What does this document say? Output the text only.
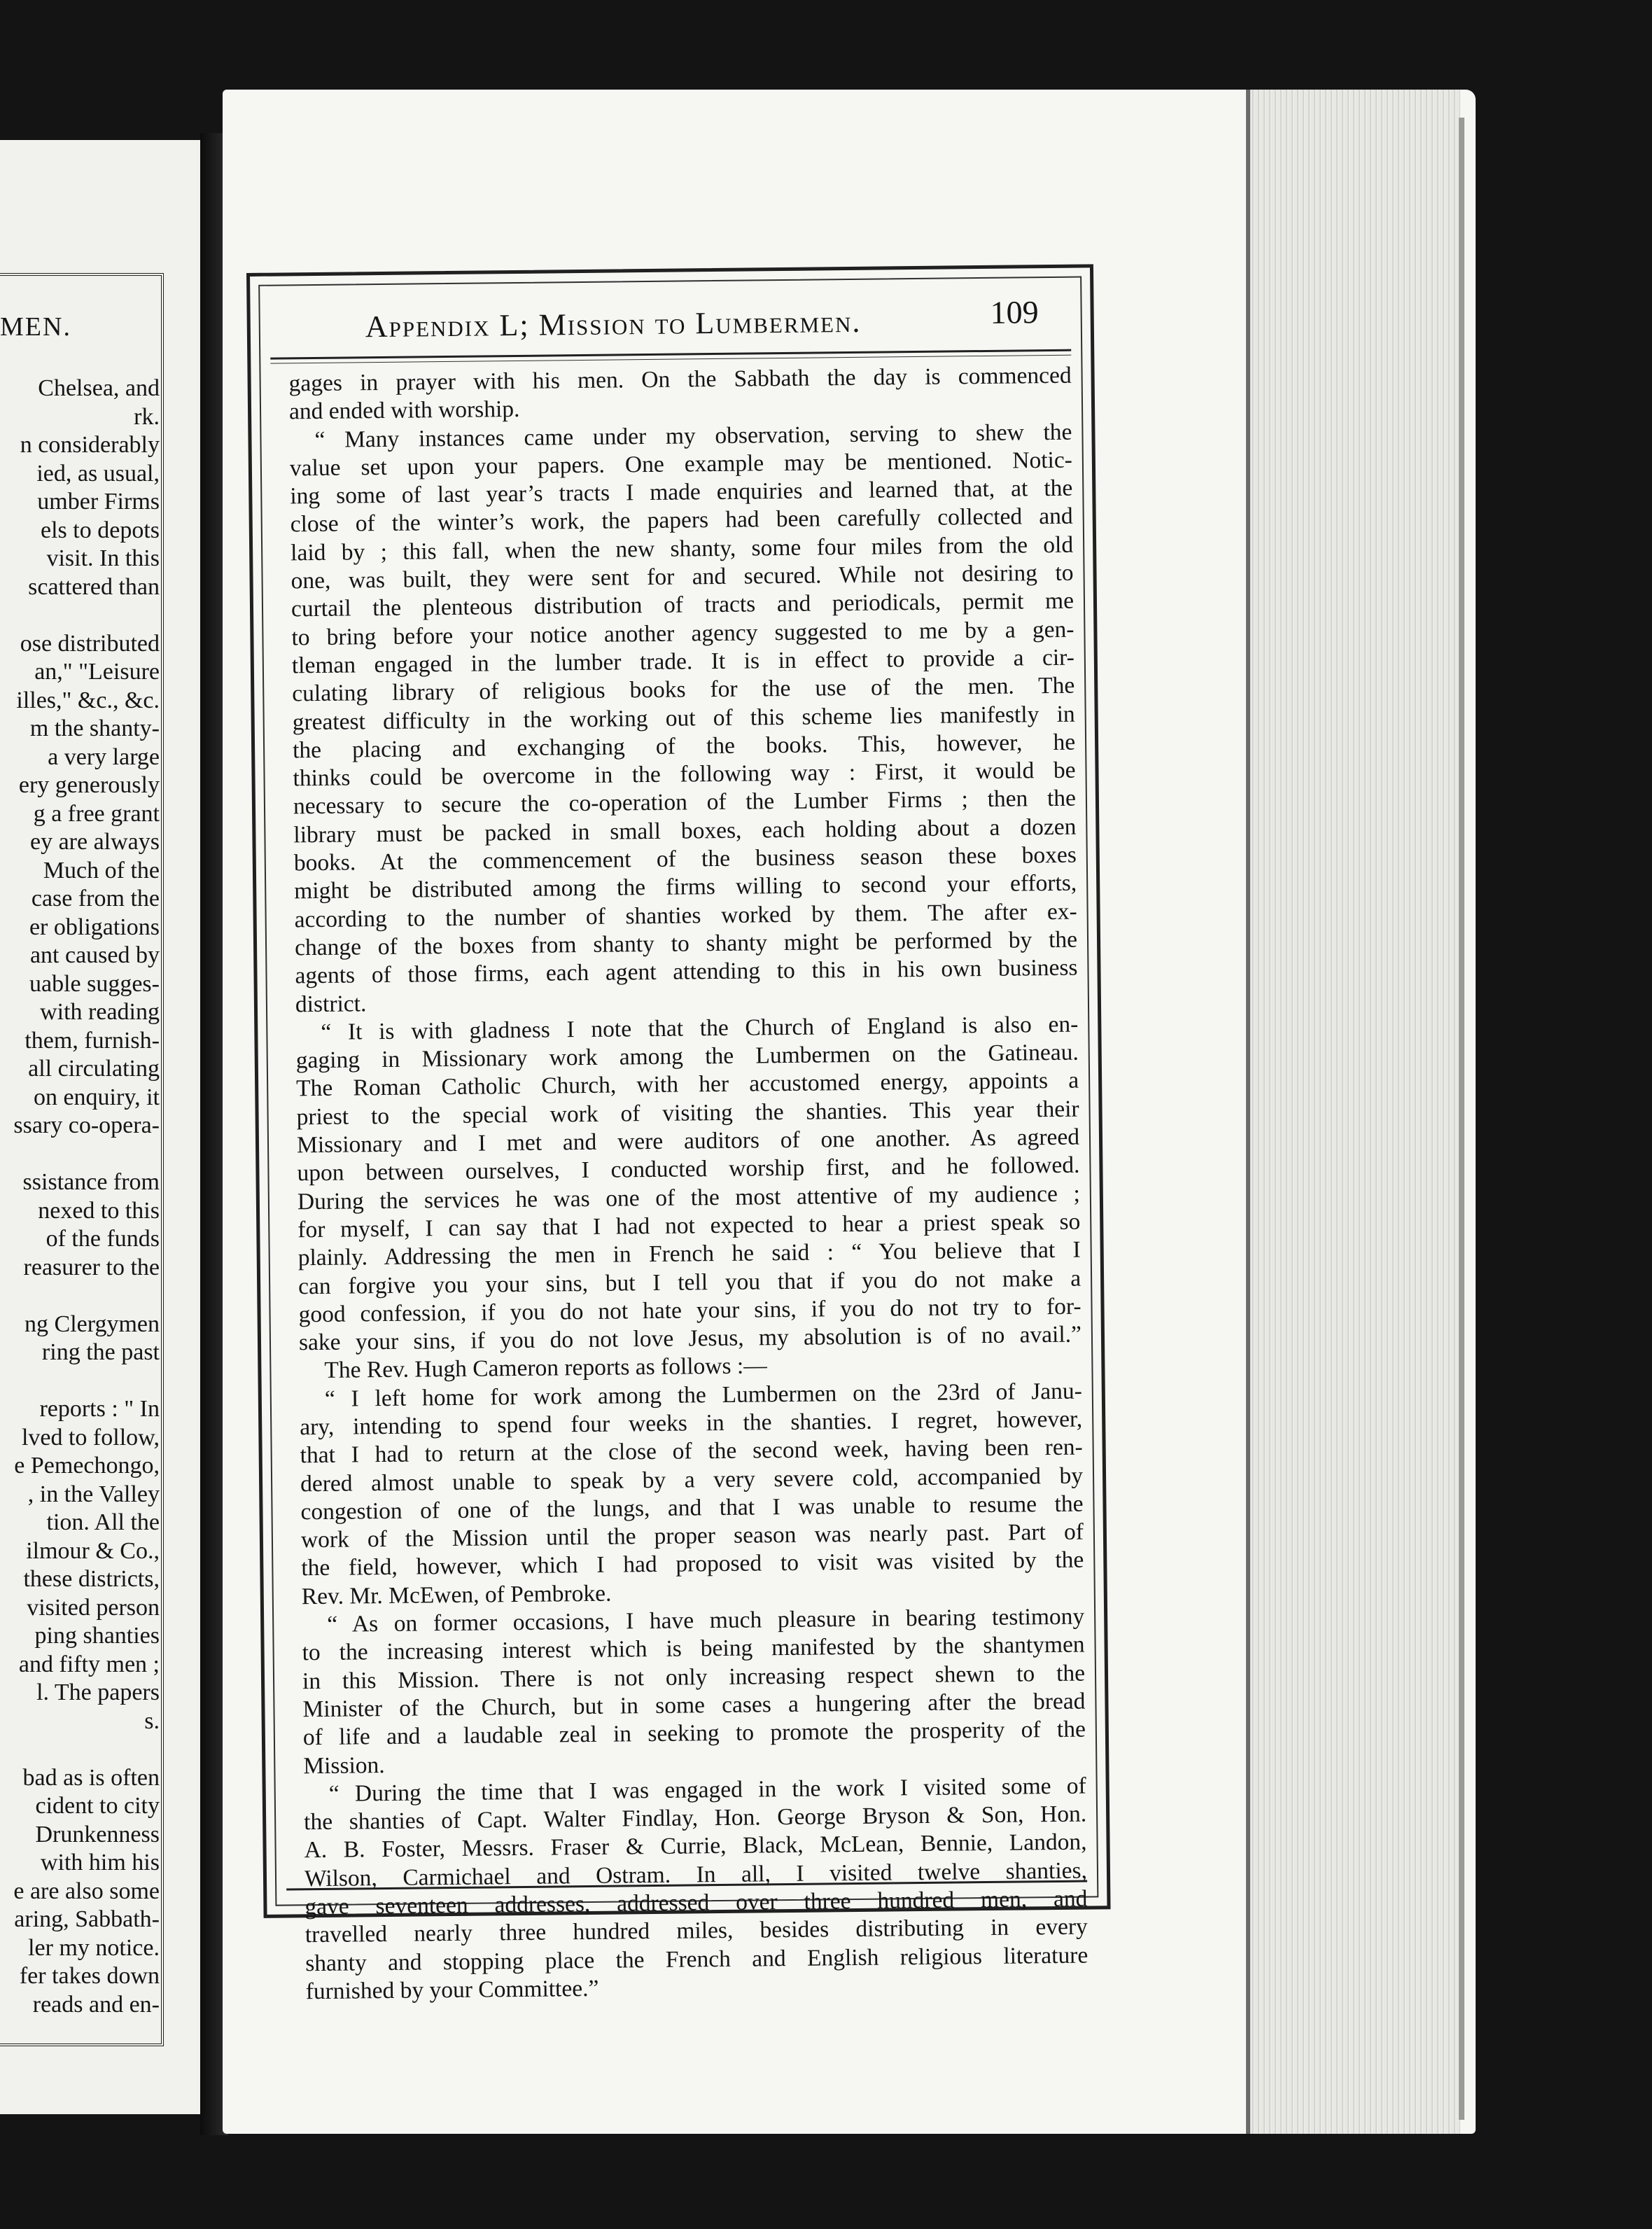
MEN.
Chelsea, and
rk.
n considerably
ied, as usual,
umber Firms
els to depots
visit. In this
scattered than
ose distributed
an," "Leisure
illes," &c., &c.
m the shanty-
a very large
ery generously
g a free grant
ey are always
Much of the
case from the
er obligations
ant caused by
uable sugges-
with reading
them, furnish-
all circulating
on enquiry, it
ssary co-opera-
ssistance from
nexed to this
of the funds
reasurer to the
ng Clergymen
ring the past
reports : " In
lved to follow,
e Pemechongo,
, in the Valley
tion. All the
ilmour & Co.,
these districts,
visited person
ping shanties
and fifty men ;
l. The papers
s.
bad as is often
cident to city
Drunkenness
with him his
e are also some
aring, Sabbath-
ler my notice.
fer takes down
reads and en-
Appendix L; Mission to Lumbermen.	109
gages in prayer with his men. On the Sabbath the day is commenced
and ended with worship.
“ Many instances came under my observation, serving to shew the
value set upon your papers. One example may be mentioned. Notic-
ing some of last year’s tracts I made enquiries and learned that, at the
close of the winter’s work, the papers had been carefully collected and
laid by ; this fall, when the new shanty, some four miles from the old
one, was built, they were sent for and secured. While not desiring to
curtail the plenteous distribution of tracts and periodicals, permit me
to bring before your notice another agency suggested to me by a gen-
tleman engaged in the lumber trade. It is in effect to provide a cir-
culating library of religious books for the use of the men. The
greatest difficulty in the working out of this scheme lies manifestly in
the placing and exchanging of the books. This, however, he
thinks could be overcome in the following way : First, it would be
necessary to secure the co-operation of the Lumber Firms ; then the
library must be packed in small boxes, each holding about a dozen
books. At the commencement of the business season these boxes
might be distributed among the firms willing to second your efforts,
according to the number of shanties worked by them. The after ex-
change of the boxes from shanty to shanty might be performed by the
agents of those firms, each agent attending to this in his own business
district.
“ It is with gladness I note that the Church of England is also en-
gaging in Missionary work among the Lumbermen on the Gatineau.
The Roman Catholic Church, with her accustomed energy, appoints a
priest to the special work of visiting the shanties. This year their
Missionary and I met and were auditors of one another. As agreed
upon between ourselves, I conducted worship first, and he followed.
During the services he was one of the most attentive of my audience ;
for myself, I can say that I had not expected to hear a priest speak so
plainly. Addressing the men in French he said : “ You believe that I
can forgive you your sins, but I tell you that if you do not make a
good confession, if you do not hate your sins, if you do not try to for-
sake your sins, if you do not love Jesus, my absolution is of no avail.”
The Rev. Hugh Cameron reports as follows :—
“ I left home for work among the Lumbermen on the 23rd of Janu-
ary, intending to spend four weeks in the shanties. I regret, however,
that I had to return at the close of the second week, having been ren-
dered almost unable to speak by a very severe cold, accompanied by
congestion of one of the lungs, and that I was unable to resume the
work of the Mission until the proper season was nearly past. Part of
the field, however, which I had proposed to visit was visited by the
Rev. Mr. McEwen, of Pembroke.
“ As on former occasions, I have much pleasure in bearing testimony
to the increasing interest which is being manifested by the shantymen
in this Mission. There is not only increasing respect shewn to the
Minister of the Church, but in some cases a hungering after the bread
of life and a laudable zeal in seeking to promote the prosperity of the
Mission.
“ During the time that I was engaged in the work I visited some of
the shanties of Capt. Walter Findlay, Hon. George Bryson & Son, Hon.
A. B. Foster, Messrs. Fraser & Currie, Black, McLean, Bennie, Landon,
Wilson, Carmichael and Ostram. In all, I visited twelve shanties,
gave seventeen addresses, addressed over three hundred men, and
travelled nearly three hundred miles, besides distributing in every
shanty and stopping place the French and English religious literature
furnished by your Committee.”
